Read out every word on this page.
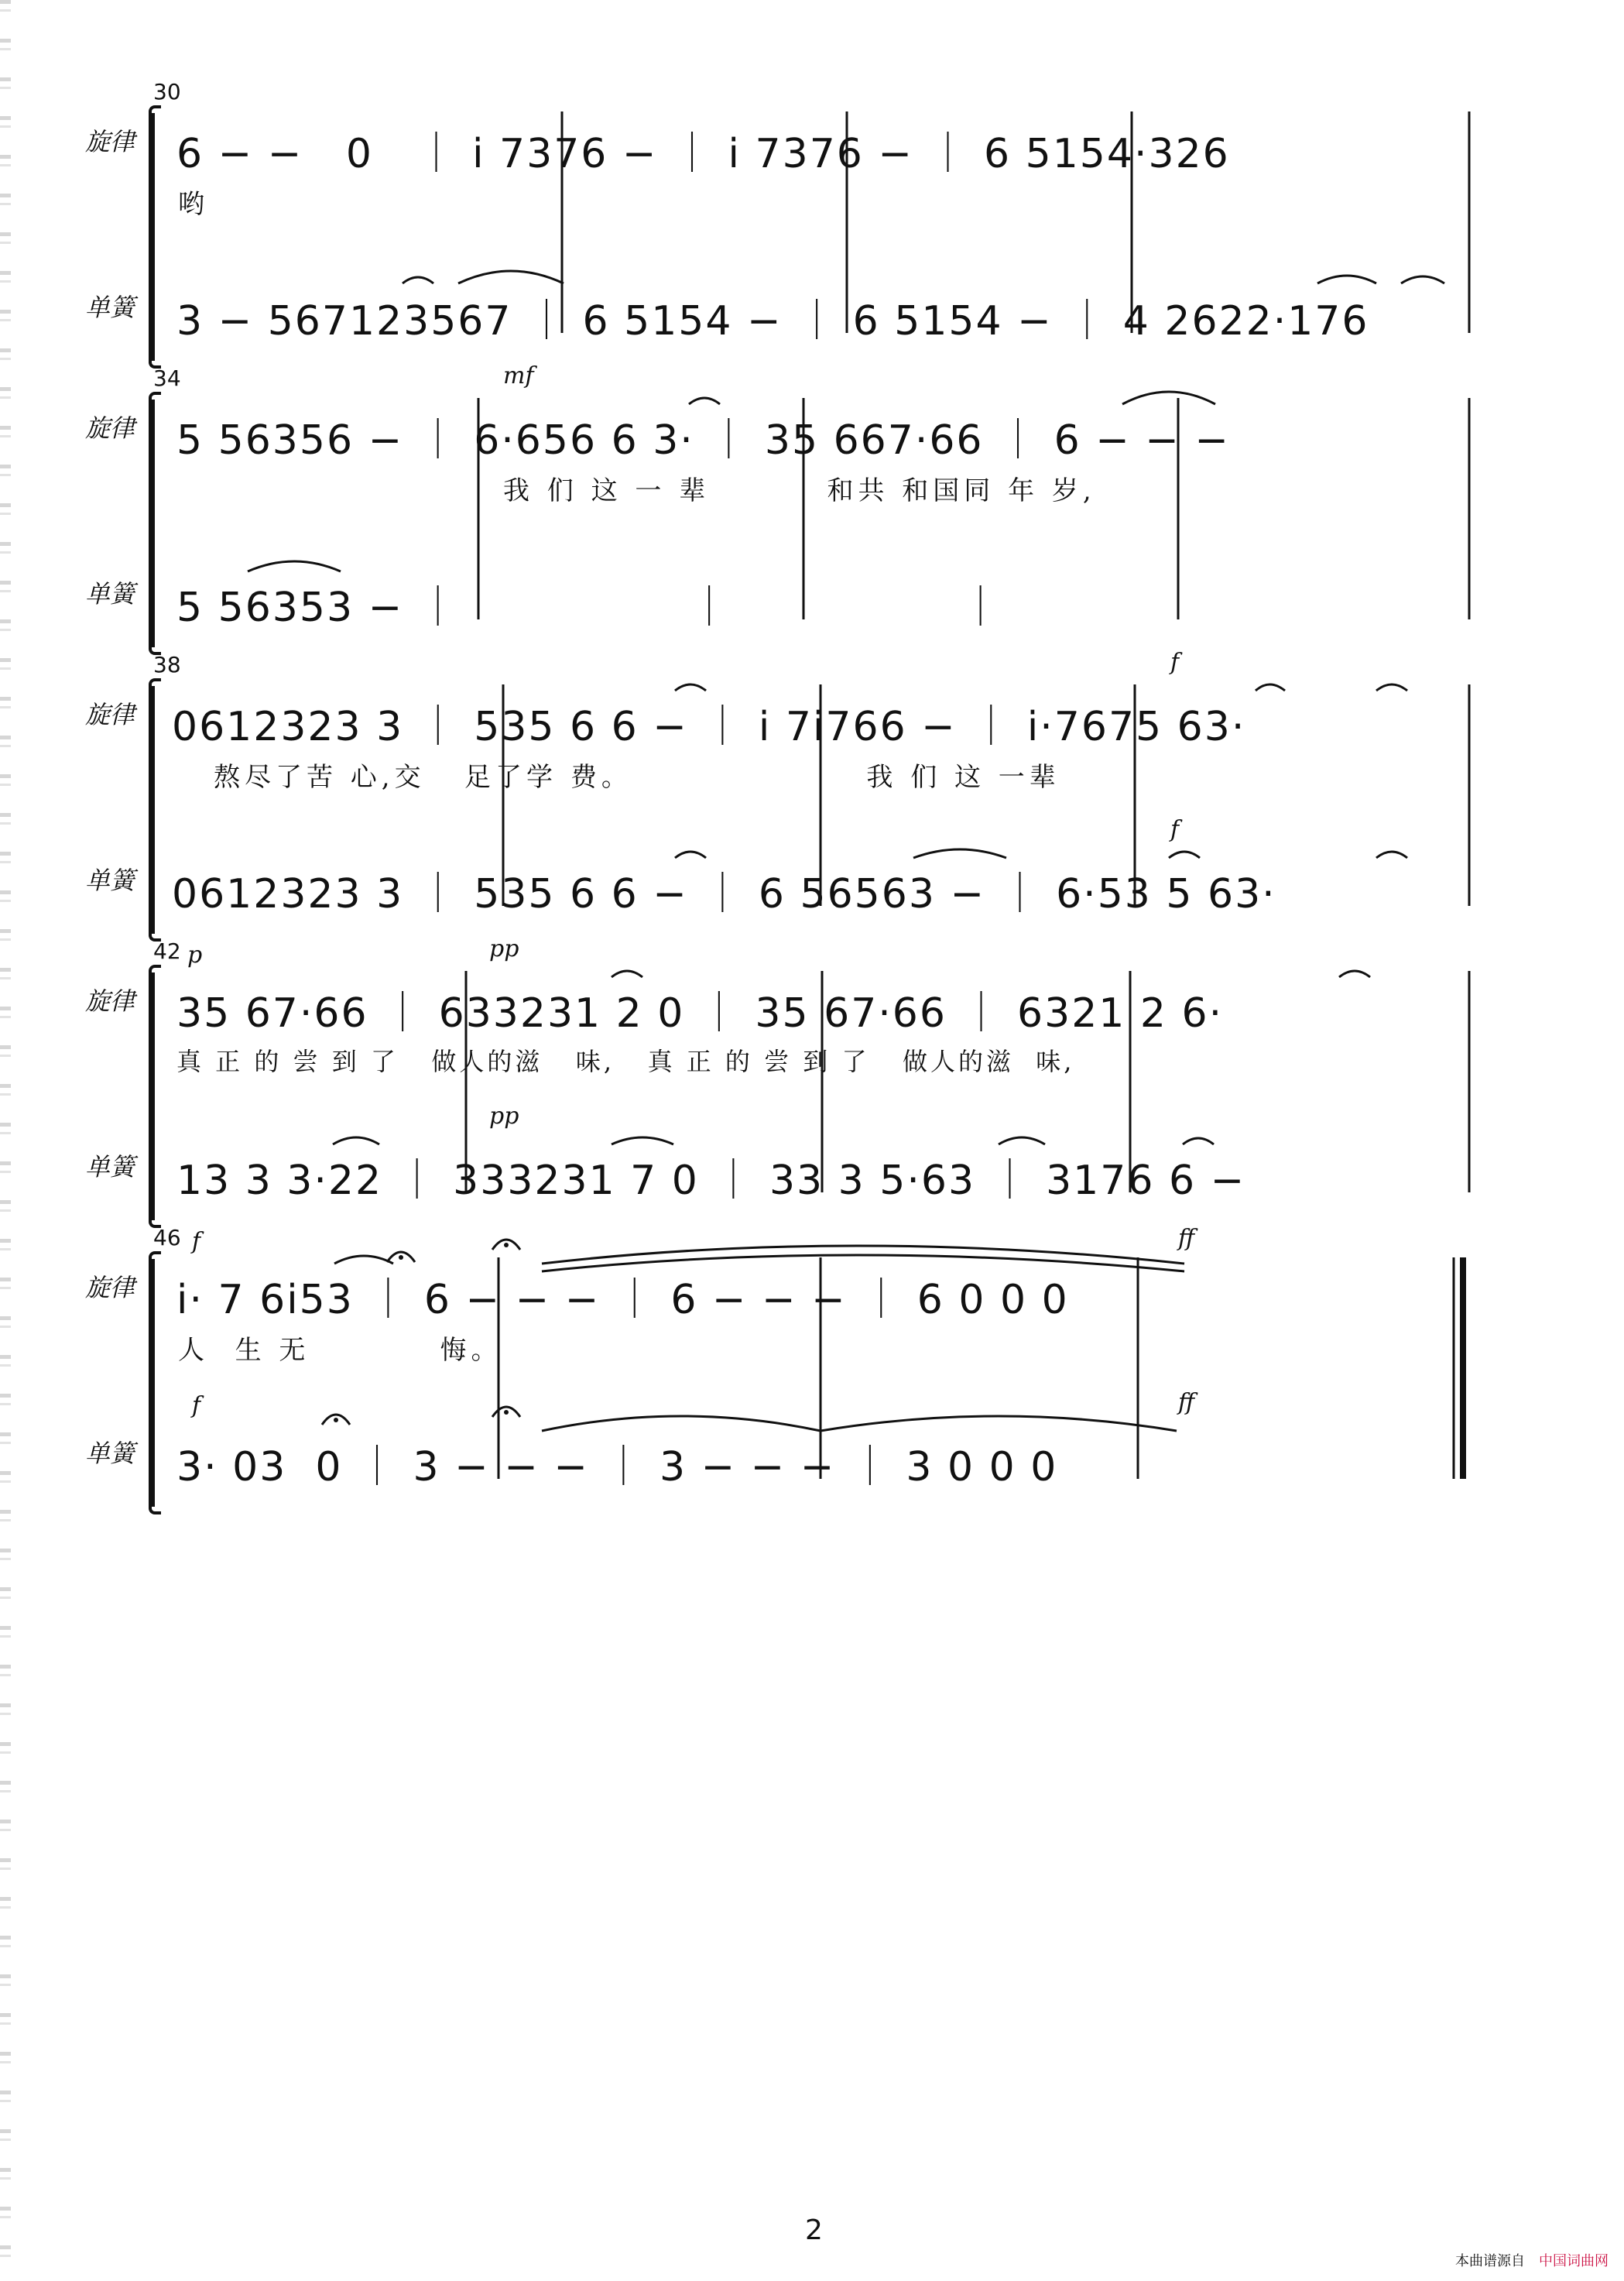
30
旋律
单簧
6 − −   0   ｜ i̇ 7376 − ｜ i̇ 7376 − ｜ 6 5154·326
哟
3 − 567123567 ｜ 6 5154 − ｜ 6 5154 − ｜ 4 2622·176
34
旋律
单簧
mf
5 56356 − ｜ 6·656 6 3· ｜ 35 667·66 ｜ 6 − − −
我 们 这 一 辈         和共 和国同 年 岁,
5 56353 − ｜                ｜                ｜
38
旋律
单簧
f
f
0612323 3 ｜ 535 6 6 − ｜ i̇ 7i̇766 − ｜ i̇·7675 63·
熬尽了苦 心,交   足了学 费。                  我 们 这 一辈
0612323 3 ｜ 535 6 6 − ｜ 6 56563 − ｜ 6·53 5 63·
42 p	pp
pp
旋律
单簧
35 67·66 ｜ 633231 2 0 ｜ 35 67·66 ｜ 6321 2 6·
真 正 的 尝 到 了   做人的滋   味,   真 正 的 尝 到 了   做人的滋  味,
13 3 3·22 ｜ 333231 7 0 ｜ 33 3 5·63 ｜ 3176 6 −
46 f
f
ff
ff
旋律
单簧
i̇· 7 6i̇53 ｜ 6 − − − ｜ 6 − − − ｜ 6 0 0 0
人  生 无          悔。
3· 03  0 ｜ 3 − − − ｜ 3 − − − ｜ 3 0 0 0
2
本曲谱源自 中国词曲网
